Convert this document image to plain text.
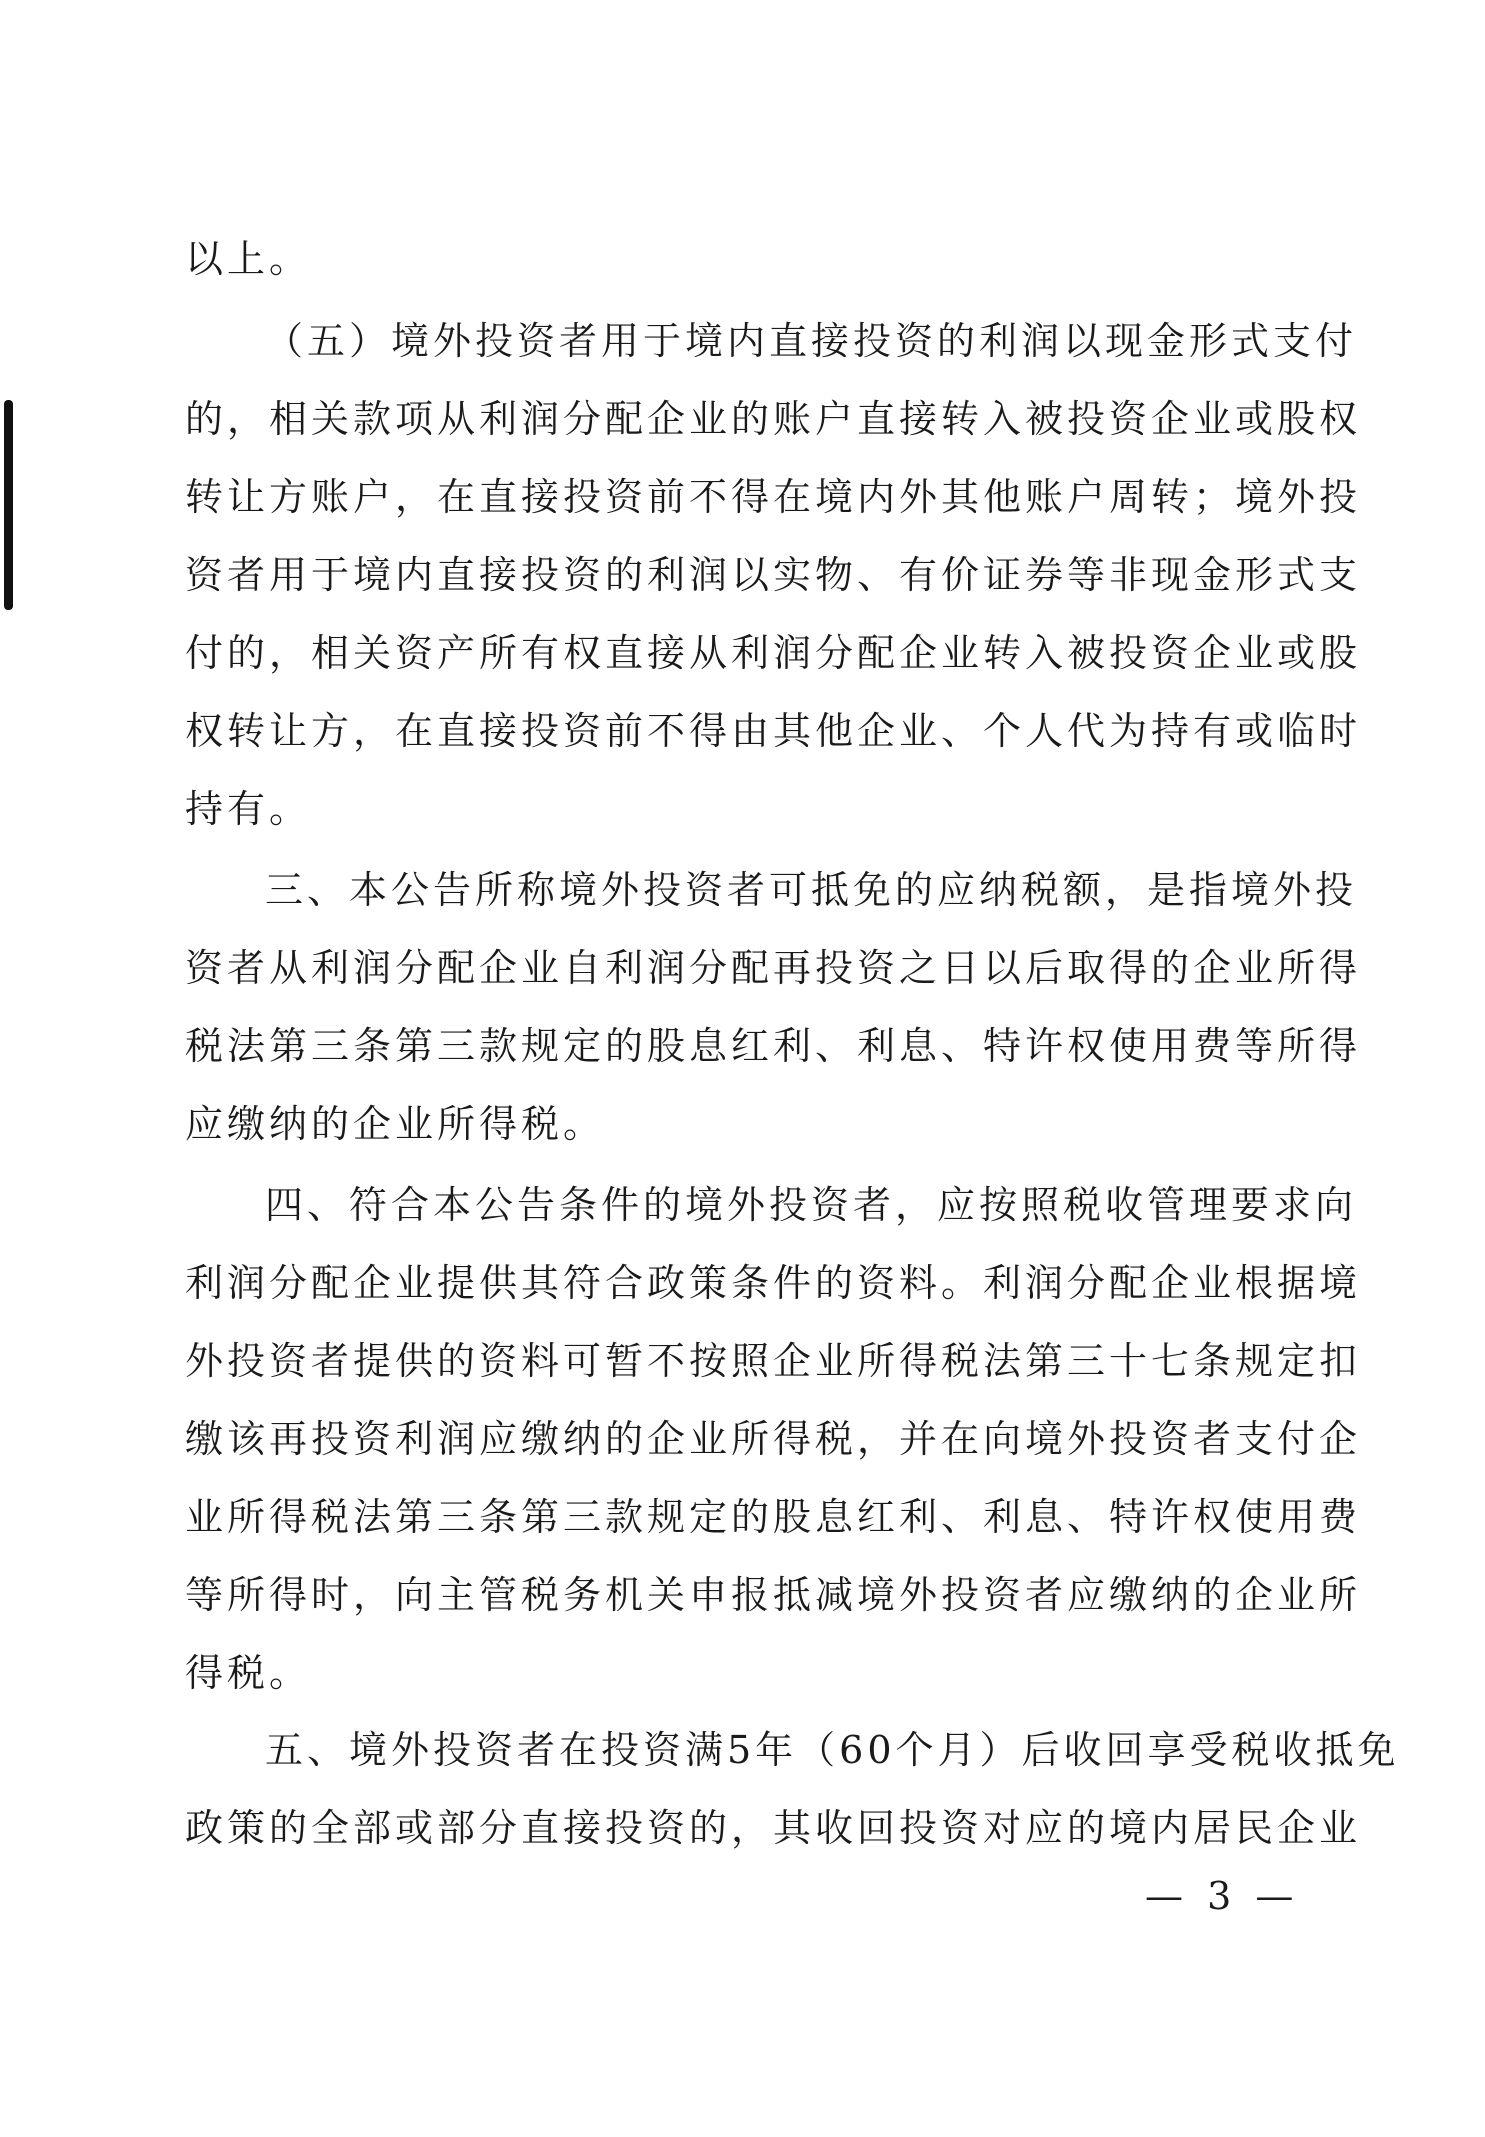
以上。
（五）境外投资者用于境内直接投资的利润以现金形式支付
的，相关款项从利润分配企业的账户直接转入被投资企业或股权
转让方账户，在直接投资前不得在境内外其他账户周转；境外投
资者用于境内直接投资的利润以实物、有价证券等非现金形式支
付的，相关资产所有权直接从利润分配企业转入被投资企业或股
权转让方，在直接投资前不得由其他企业、个人代为持有或临时
持有。
三、本公告所称境外投资者可抵免的应纳税额，是指境外投
资者从利润分配企业自利润分配再投资之日以后取得的企业所得
税法第三条第三款规定的股息红利、利息、特许权使用费等所得
应缴纳的企业所得税。
四、符合本公告条件的境外投资者，应按照税收管理要求向
利润分配企业提供其符合政策条件的资料。利润分配企业根据境
外投资者提供的资料可暂不按照企业所得税法第三十七条规定扣
缴该再投资利润应缴纳的企业所得税，并在向境外投资者支付企
业所得税法第三条第三款规定的股息红利、利息、特许权使用费
等所得时，向主管税务机关申报抵减境外投资者应缴纳的企业所
得税。
五、境外投资者在投资满5年（60个月）后收回享受税收抵免
政策的全部或部分直接投资的，其收回投资对应的境内居民企业
— 3 —
